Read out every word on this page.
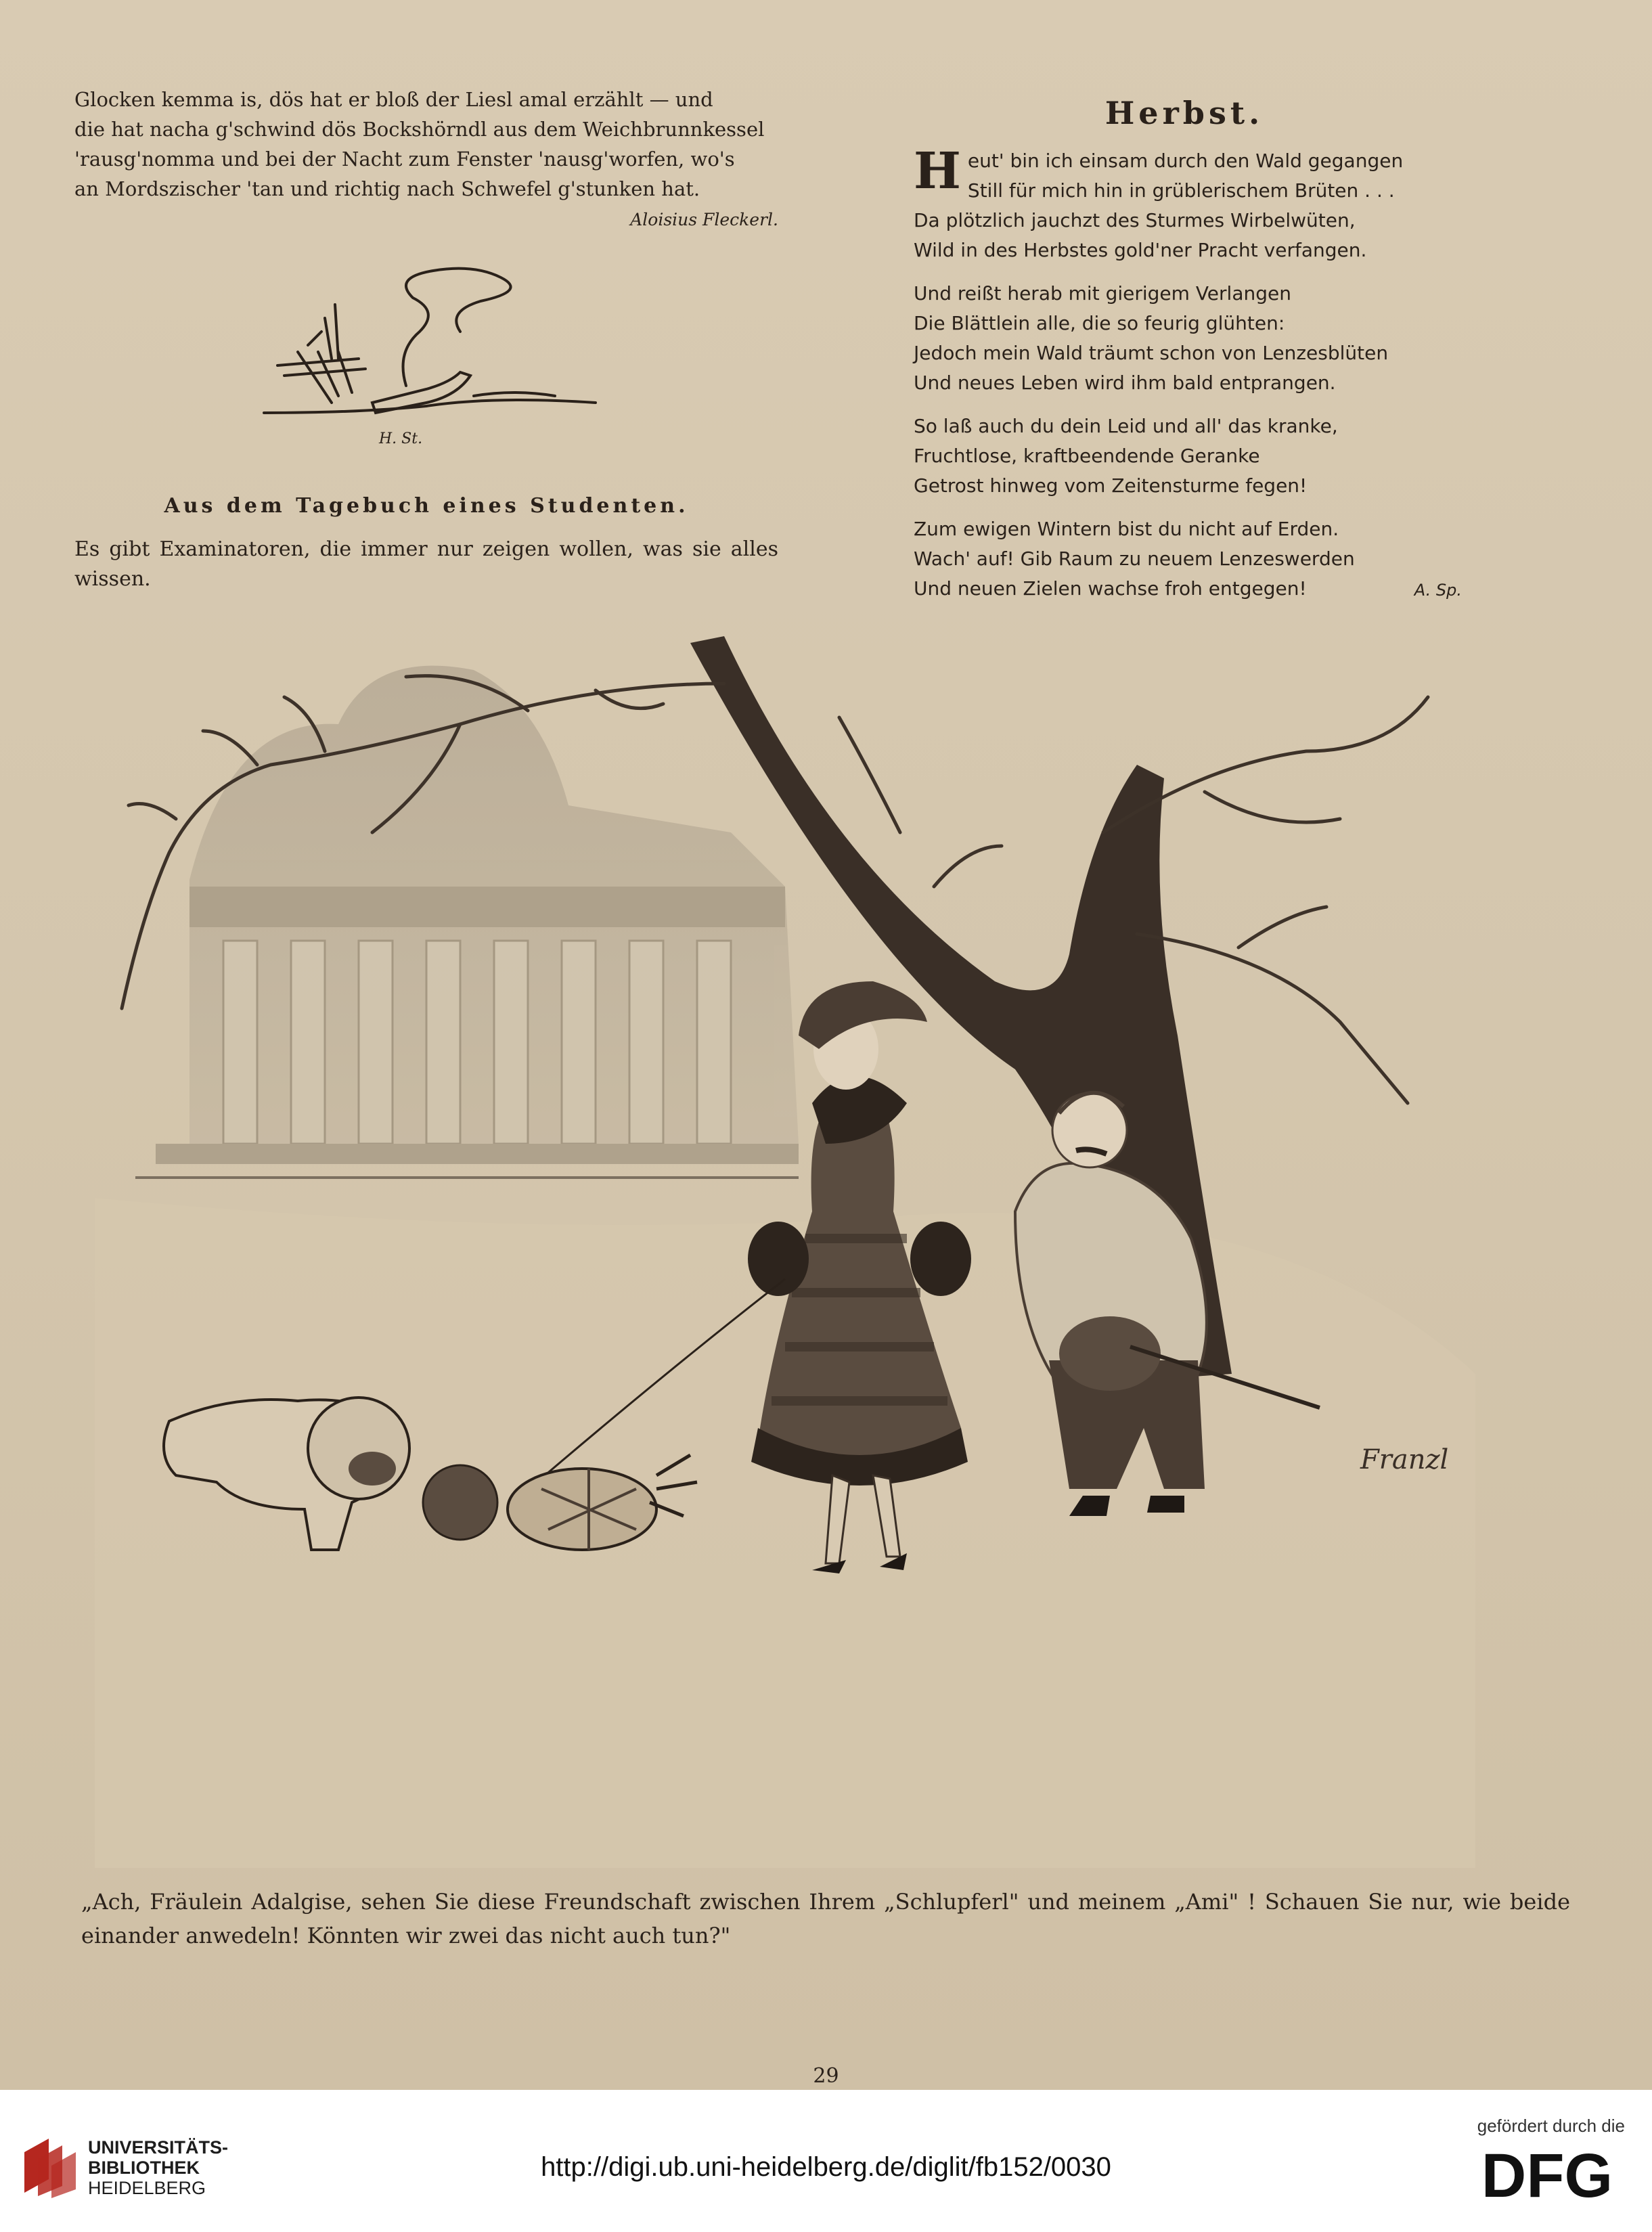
Glocken kemma is, dös hat er bloß der Liesl amal erzählt — und

die hat nacha g'schwind dös Bockshörndl aus dem Weichbrunnkessel

'rausg'nomma und bei der Nacht zum Fenster 'nausg'worfen, wo's

an Mordszischer 'tan und richtig nach Schwefel g'stunken hat.

Aloisius Fleckerl.
H. St.
Aus dem Tagebuch eines Studenten.

Es gibt Examinatoren, die immer nur zeigen wollen, was sie alles wissen.

Herbst.
H eut' bin ich einsam durch den Wald gegangen
Still für mich hin in grüblerischem Brüten . . .
Da plötzlich jauchzt des Sturmes Wirbelwüten,
Wild in des Herbstes gold'ner Pracht verfangen.
Und reißt herab mit gierigem Verlangen
Die Blättlein alle, die so feurig glühten:
Jedoch mein Wald träumt schon von Lenzesblüten
Und neues Leben wird ihm bald entprangen.
So laß auch du dein Leid und all' das kranke,
Fruchtlose, kraftbeendende Geranke
Getrost hinweg vom Zeitensturme fegen!
Zum ewigen Wintern bist du nicht auf Erden.
Wach' auf! Gib Raum zu neuem Lenzeswerden
Und neuen Zielen wachse froh entgegen!	A. Sp.
Franzl

„Ach, Fräulein Adalgise, sehen Sie diese Freundschaft zwischen Ihrem „Schlupferl" und meinem „Ami" ! Schauen Sie nur, wie beide einander anwedeln! Könnten wir zwei das nicht auch tun?"

29
UNIVERSITÄTS-
BIBLIOTHEK
HEIDELBERG
http://digi.ub.uni-heidelberg.de/diglit/fb152/0030
gefördert durch die
DFG
